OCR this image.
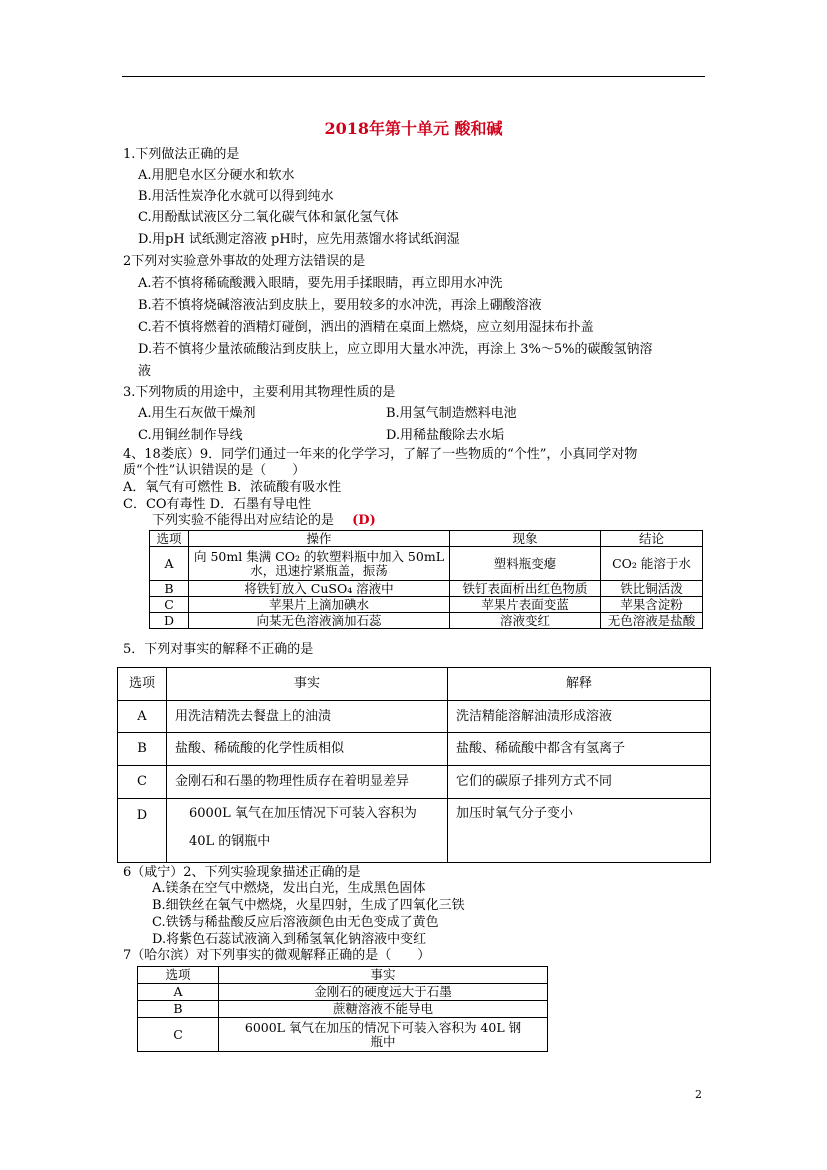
2018年第十单元 酸和碱
1.下列做法正确的是
A.用肥皂水区分硬水和软水
B.用活性炭净化水就可以得到纯水
C.用酚酞试液区分二氧化碳气体和氯化氢气体
D.用pH 试纸测定溶液 pH时，应先用蒸馏水将试纸润湿
2下列对实验意外事故的处理方法错误的是
A.若不慎将稀硫酸溅入眼睛，要先用手揉眼睛，再立即用水冲洗
B.若不慎将烧碱溶液沾到皮肤上，要用较多的水冲洗，再涂上硼酸溶液
C.若不慎将燃着的酒精灯碰倒，洒出的酒精在桌面上燃烧，应立刻用湿抹布扑盖
D.若不慎将少量浓硫酸沾到皮肤上，应立即用大量水冲洗，再涂上 3%～5%的碳酸氢钠溶
液
3.下列物质的用途中，主要利用其物理性质的是
A.用生石灰做干燥剂	B.用氢气制造燃料电池
C.用铜丝制作导线	D.用稀盐酸除去水垢
4、18娄底）9．同学们通过一年来的化学学习，了解了一些物质的“个性”，小真同学对物
质“个性”认识错误的是（　　）
A．氧气有可燃性 B．浓硫酸有吸水性
C．CO有毒性 D．石墨有导电性
下列实验不能得出对应结论的是 (D)
选项	操作	现象	结论
A	向 50ml 集满 CO₂ 的软塑料瓶中加入 50mL
水，迅速拧紧瓶盖，振荡	塑料瓶变瘪	CO₂ 能溶于水
B	将铁钉放入 CuSO₄ 溶液中	铁钉表面析出红色物质	铁比铜活泼
C	苹果片上滴加碘水	苹果片表面变蓝	苹果含淀粉
D	向某无色溶液滴加石蕊	溶液变红	无色溶液是盐酸
5．下列对事实的解释不正确的是
选项	事实	解释
A	用洗洁精洗去餐盘上的油渍	洗洁精能溶解油渍形成溶液
B	盐酸、稀硫酸的化学性质相似	盐酸、稀硫酸中都含有氢离子
C	金刚石和石墨的物理性质存在着明显差异	它们的碳原子排列方式不同
D	6000L 氧气在加压情况下可装入容积为
40L 的钢瓶中	加压时氧气分子变小
6（咸宁）2、下列实验现象描述正确的是
A.镁条在空气中燃烧，发出白光，生成黑色固体
B.细铁丝在氧气中燃烧，火星四射，生成了四氧化三铁
C.铁锈与稀盐酸反应后溶液颜色由无色变成了黄色
D.将紫色石蕊试液滴入到稀氢氧化钠溶液中变红
7（哈尔滨）对下列事实的微观解释正确的是（　　）
选项	事实
A	金刚石的硬度远大于石墨
B	蔗糖溶液不能导电
C	6000L 氧气在加压的情况下可装入容积为 40L 钢
瓶中
2
